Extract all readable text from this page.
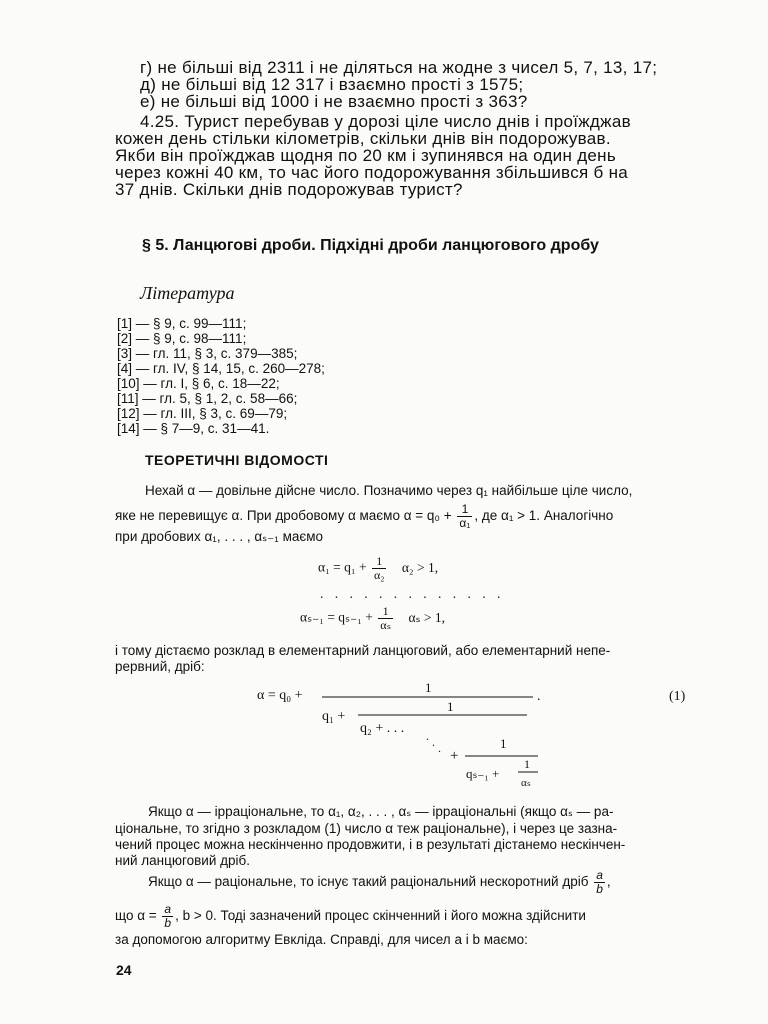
г) не більші від 2311 і не діляться на жодне з чисел 5, 7, 13, 17;
д) не більші від 12 317 і взаємно прості з 1575;
е) не більші від 1000 і не взаємно прості з 363?
4.25. Турист перебував у дорозі ціле число днів і проїжджав
кожен день стільки кілометрів, скільки днів він подорожував.
Якби він проїжджав щодня по 20 км і зупинявся на один день
через кожні 40 км, то час його подорожування збільшився б на
37 днів. Скільки днів подорожував турист?
§ 5. Ланцюгові дроби. Підхідні дроби ланцюгового дробу
Література
[1] — § 9, с. 99—111;
[2] — § 9, с. 98—111;
[3] — гл. 11, § 3, с. 379—385;
[4] — гл. IV, § 14, 15, с. 260—278;
[10] — гл. I, § 6, с. 18—22;
[11] — гл. 5, § 1, 2, с. 58—66;
[12] — гл. III, § 3, с. 69—79;
[14] — § 7—9, с. 31—41.
ТЕОРЕТИЧНІ ВІДОМОСТІ
Нехай α — довільне дійсне число. Позначимо через q₁ найбільше ціле число,
яке не перевищує α. При дробовому α маємо $\alpha = q_0 + \frac{1}{\text{α₁}}$ , де α₁ > 1. Аналогічно
при дробових α₁, . . . , αₛ₋₁ маємо
$\alpha_1 = q_1 + \frac{1}{\text{α₂}} \alpha_2 > 1$,
. . . . . . . . . . . . .
$\alpha_{s-1} = q_{s-1} + \frac{1}{\text{αₛ}}$ αₛ > 1,
і тому дістаємо розклад в елементарний ланцюговий, або елементарний непе-
рервний, дріб:
α = q₀ +
1
q₁ +
1
q₂ + . . . . . . +
1
1
qₛ₋₁ +
αₛ
.	(1)
Якщо α — ірраціональне, то α₁, α₂, . . . , αₛ — ірраціональні (якщо αₛ — ра-
ціональне, то згідно з розкладом (1) число α теж раціональне), і через це зазна-
чений процес можна нескінченно продовжити, і в результаті дістанемо нескінчен-
ний ланцюговий дріб.
Якщо α — раціональне, то існує такий раціональний нескоротний дріб $\frac{a}{b}$ ,
що $\alpha = \frac{a}{b}$ , b > 0. Тоді зазначений процес скінченний і його можна здійснити
за допомогою алгоритму Евкліда. Справді, для чисел a і b маємо:
24
